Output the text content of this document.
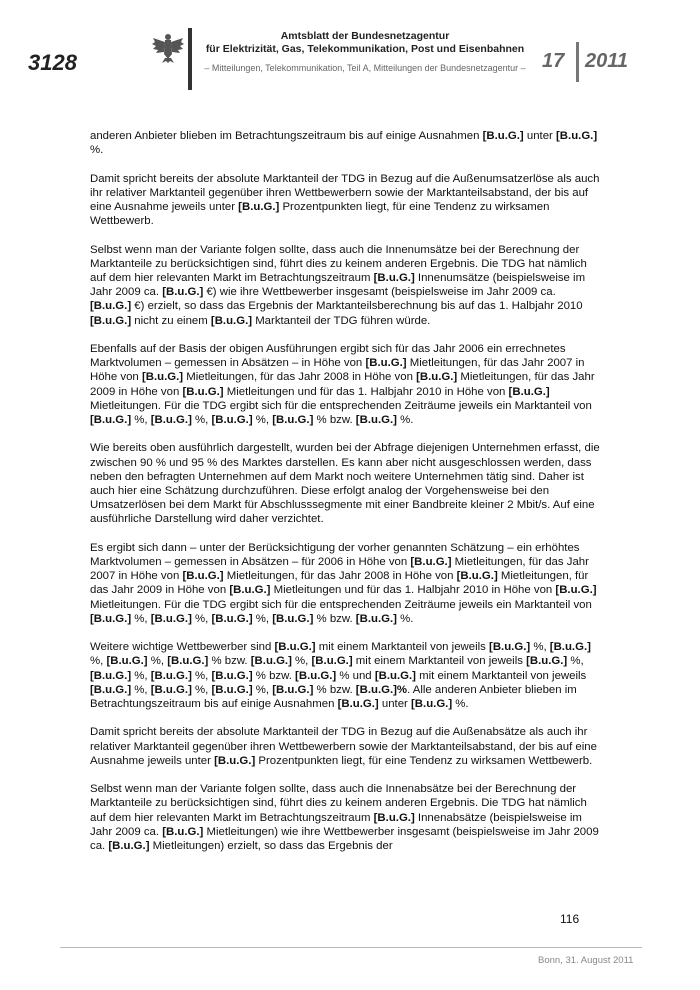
3128
Amtsblatt der Bundesnetzagentur
für Elektrizität, Gas, Telekommunikation, Post und Eisenbahnen
– Mitteilungen, Telekommunikation, Teil A, Mitteilungen der Bundesnetzagentur – 17 2011

anderen Anbieter blieben im Betrachtungszeitraum bis auf einige Ausnahmen [B.u.G.] unter [B.u.G.] %.

Damit spricht bereits der absolute Marktanteil der TDG in Bezug auf die Außenumsatzerlöse als auch ihr relativer Marktanteil gegenüber ihren Wettbewerbern sowie der Marktanteilsabstand, der bis auf eine Ausnahme jeweils unter [B.u.G.] Prozentpunkten liegt, für eine Tendenz zu wirksamen Wettbewerb.

Selbst wenn man der Variante folgen sollte, dass auch die Innenumsätze bei der Berechnung der Marktanteile zu berücksichtigen sind, führt dies zu keinem anderen Ergebnis. Die TDG hat nämlich auf dem hier relevanten Markt im Betrachtungszeitraum [B.u.G.] Innenumsätze (beispielsweise im Jahr 2009 ca. [B.u.G.] €) wie ihre Wettbewerber insgesamt (beispielsweise im Jahr 2009 ca. [B.u.G.] €) erzielt, so dass das Ergebnis der Marktanteilsberechnung bis auf das 1. Halbjahr 2010 [B.u.G.] nicht zu einem [B.u.G.] Marktanteil der TDG führen würde.

Ebenfalls auf der Basis der obigen Ausführungen ergibt sich für das Jahr 2006 ein errechnetes Marktvolumen – gemessen in Absätzen – in Höhe von [B.u.G.] Mietleitungen, für das Jahr 2007 in Höhe von [B.u.G.] Mietleitungen, für das Jahr 2008 in Höhe von [B.u.G.] Mietleitungen, für das Jahr 2009 in Höhe von [B.u.G.] Mietleitungen und für das 1. Halbjahr 2010 in Höhe von [B.u.G.] Mietleitungen. Für die TDG ergibt sich für die entsprechenden Zeiträume jeweils ein Marktanteil von [B.u.G.] %, [B.u.G.] %, [B.u.G.] %, [B.u.G.] % bzw. [B.u.G.] %.

Wie bereits oben ausführlich dargestellt, wurden bei der Abfrage diejenigen Unternehmen erfasst, die zwischen 90 % und 95 % des Marktes darstellen. Es kann aber nicht ausgeschlossen werden, dass neben den befragten Unternehmen auf dem Markt noch weitere Unternehmen tätig sind. Daher ist auch hier eine Schätzung durchzuführen. Diese erfolgt analog der Vorgehensweise bei den Umsatzerlösen bei dem Markt für Abschlusssegmente mit einer Bandbreite kleiner 2 Mbit/s. Auf eine ausführliche Darstellung wird daher verzichtet.

Es ergibt sich dann – unter der Berücksichtigung der vorher genannten Schätzung – ein erhöhtes Marktvolumen – gemessen in Absätzen – für 2006 in Höhe von [B.u.G.] Mietleitungen, für das Jahr 2007 in Höhe von [B.u.G.] Mietleitungen, für das Jahr 2008 in Höhe von [B.u.G.] Mietleitungen, für das Jahr 2009 in Höhe von [B.u.G.] Mietleitungen und für das 1. Halbjahr 2010 in Höhe von [B.u.G.] Mietleitungen. Für die TDG ergibt sich für die entsprechenden Zeiträume jeweils ein Marktanteil von [B.u.G.] %, [B.u.G.] %, [B.u.G.] %, [B.u.G.] % bzw. [B.u.G.] %.

Weitere wichtige Wettbewerber sind [B.u.G.] mit einem Marktanteil von jeweils [B.u.G.] %, [B.u.G.] %, [B.u.G.] %, [B.u.G.] % bzw. [B.u.G.] %, [B.u.G.] mit einem Marktanteil von jeweils [B.u.G.] %, [B.u.G.] %, [B.u.G.] %, [B.u.G.] % bzw. [B.u.G.] % und [B.u.G.] mit einem Marktanteil von jeweils [B.u.G.] %, [B.u.G.] %, [B.u.G.] %, [B.u.G.] % bzw. [B.u.G.]%. Alle anderen Anbieter blieben im Betrachtungszeitraum bis auf einige Ausnahmen [B.u.G.] unter [B.u.G.] %.

Damit spricht bereits der absolute Marktanteil der TDG in Bezug auf die Außenabsätze als auch ihr relativer Marktanteil gegenüber ihren Wettbewerbern sowie der Marktanteilsabstand, der bis auf eine Ausnahme jeweils unter [B.u.G.] Prozentpunkten liegt, für eine Tendenz zu wirksamen Wettbewerb.

Selbst wenn man der Variante folgen sollte, dass auch die Innenabsätze bei der Berechnung der Marktanteile zu berücksichtigen sind, führt dies zu keinem anderen Ergebnis. Die TDG hat nämlich auf dem hier relevanten Markt im Betrachtungszeitraum [B.u.G.] Innenabsätze (beispielsweise im Jahr 2009 ca. [B.u.G.] Mietleitungen) wie ihre Wettbewerber insgesamt (beispielsweise im Jahr 2009 ca. [B.u.G.] Mietleitungen) erzielt, so dass das Ergebnis der

116
Bonn, 31. August 2011
